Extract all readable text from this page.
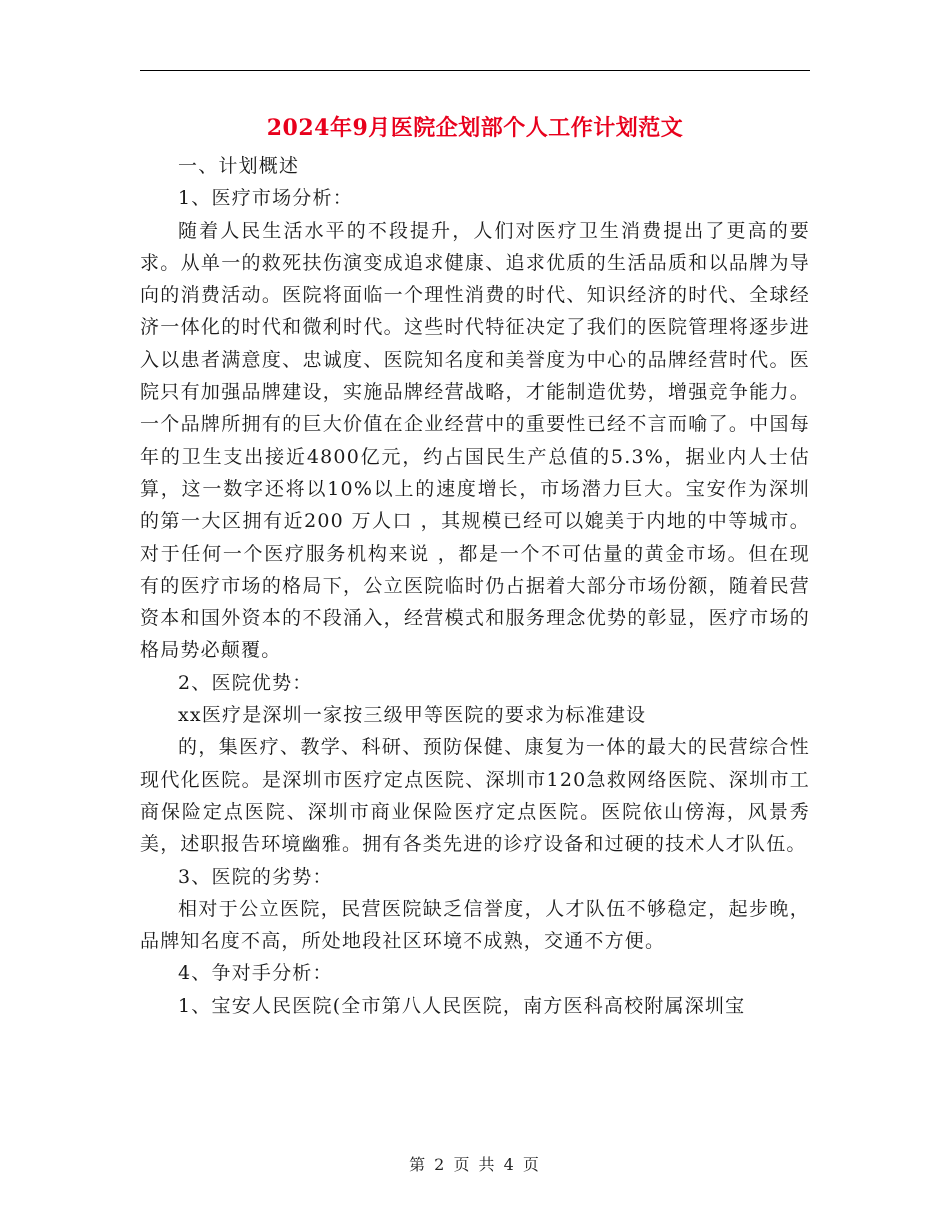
2024年9月医院企划部个人工作计划范文

一、计划概述

1、医疗市场分析：

随着人民生活水平的不段提升，人们对医疗卫生消费提出了更高的要求。从单一的救死扶伤演变成追求健康、追求优质的生活品质和以品牌为导向的消费活动。医院将面临一个理性消费的时代、知识经济的时代、全球经济一体化的时代和微利时代。这些时代特征决定了我们的医院管理将逐步进入以患者满意度、忠诚度、医院知名度和美誉度为中心的品牌经营时代。医院只有加强品牌建设，实施品牌经营战略，才能制造优势，增强竞争能力。一个品牌所拥有的巨大价值在企业经营中的重要性已经不言而喻了。中国每年的卫生支出接近4800亿元，约占国民生产总值的5.3%，据业内人士估算，这一数字还将以10%以上的速度增长，市场潜力巨大。宝安作为深圳的第一大区拥有近200 万人口 ，其规模已经可以媲美于内地的中等城市。对于任何一个医疗服务机构来说 ，都是一个不可估量的黄金市场。但在现有的医疗市场的格局下，公立医院临时仍占据着大部分市场份额，随着民营资本和国外资本的不段涌入，经营模式和服务理念优势的彰显，医疗市场的格局势必颠覆。

2、医院优势：

xx医疗是深圳一家按三级甲等医院的要求为标准建设

的，集医疗、教学、科研、预防保健、康复为一体的最大的民营综合性现代化医院。是深圳市医疗定点医院、深圳市120急救网络医院、深圳市工商保险定点医院、深圳市商业保险医疗定点医院。医院依山傍海，风景秀美，述职报告环境幽雅。拥有各类先进的诊疗设备和过硬的技术人才队伍。

3、医院的劣势：

相对于公立医院，民营医院缺乏信誉度，人才队伍不够稳定，起步晚，品牌知名度不高，所处地段社区环境不成熟，交通不方便。

4、争对手分析：

1、宝安人民医院(全市第八人民医院，南方医科高校附属深圳宝

第 2 页 共 4 页
